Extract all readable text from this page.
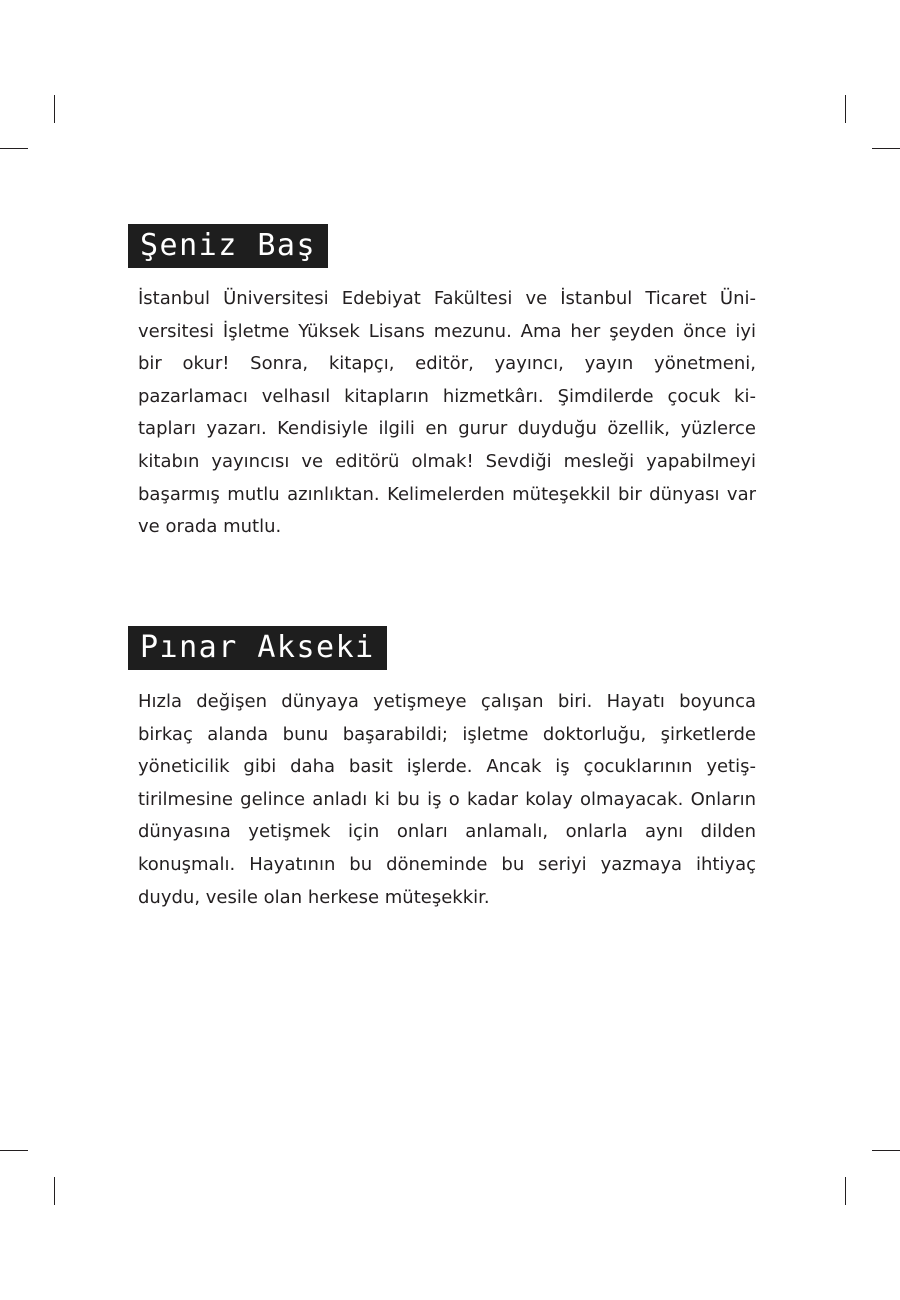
Şeniz Baş

İstanbul Üniversitesi Edebiyat Fakültesi ve İstanbul Ticaret Üniversitesi İşletme Yüksek Lisans mezunu. Ama her şeyden önce iyi bir okur! Sonra, kitapçı, editör, yayıncı, yayın yönetmeni, pazarlamacı velhasıl kitapların hizmetkârı. Şimdilerde çocuk kitapları yazarı. Kendisiyle ilgili en gurur duyduğu özellik, yüzlerce kitabın yayıncısı ve editörü olmak! Sevdiği mesleği yapabilmeyi başarmış mutlu azınlıktan. Kelimelerden müteşekkil bir dünyası var ve orada mutlu.

Pınar Akseki

Hızla değişen dünyaya yetişmeye çalışan biri. Hayatı boyunca birkaç alanda bunu başarabildi; işletme doktorluğu, şirketlerde yöneticilik gibi daha basit işlerde. Ancak iş çocuklarının yetiştirilmesine gelince anladı ki bu iş o kadar kolay olmayacak. Onların dünyasına yetişmek için onları anlamalı, onlarla aynı dilden konuşmalı. Hayatının bu döneminde bu seriyi yazmaya ihtiyaç duydu, vesile olan herkese müteşekkir.
